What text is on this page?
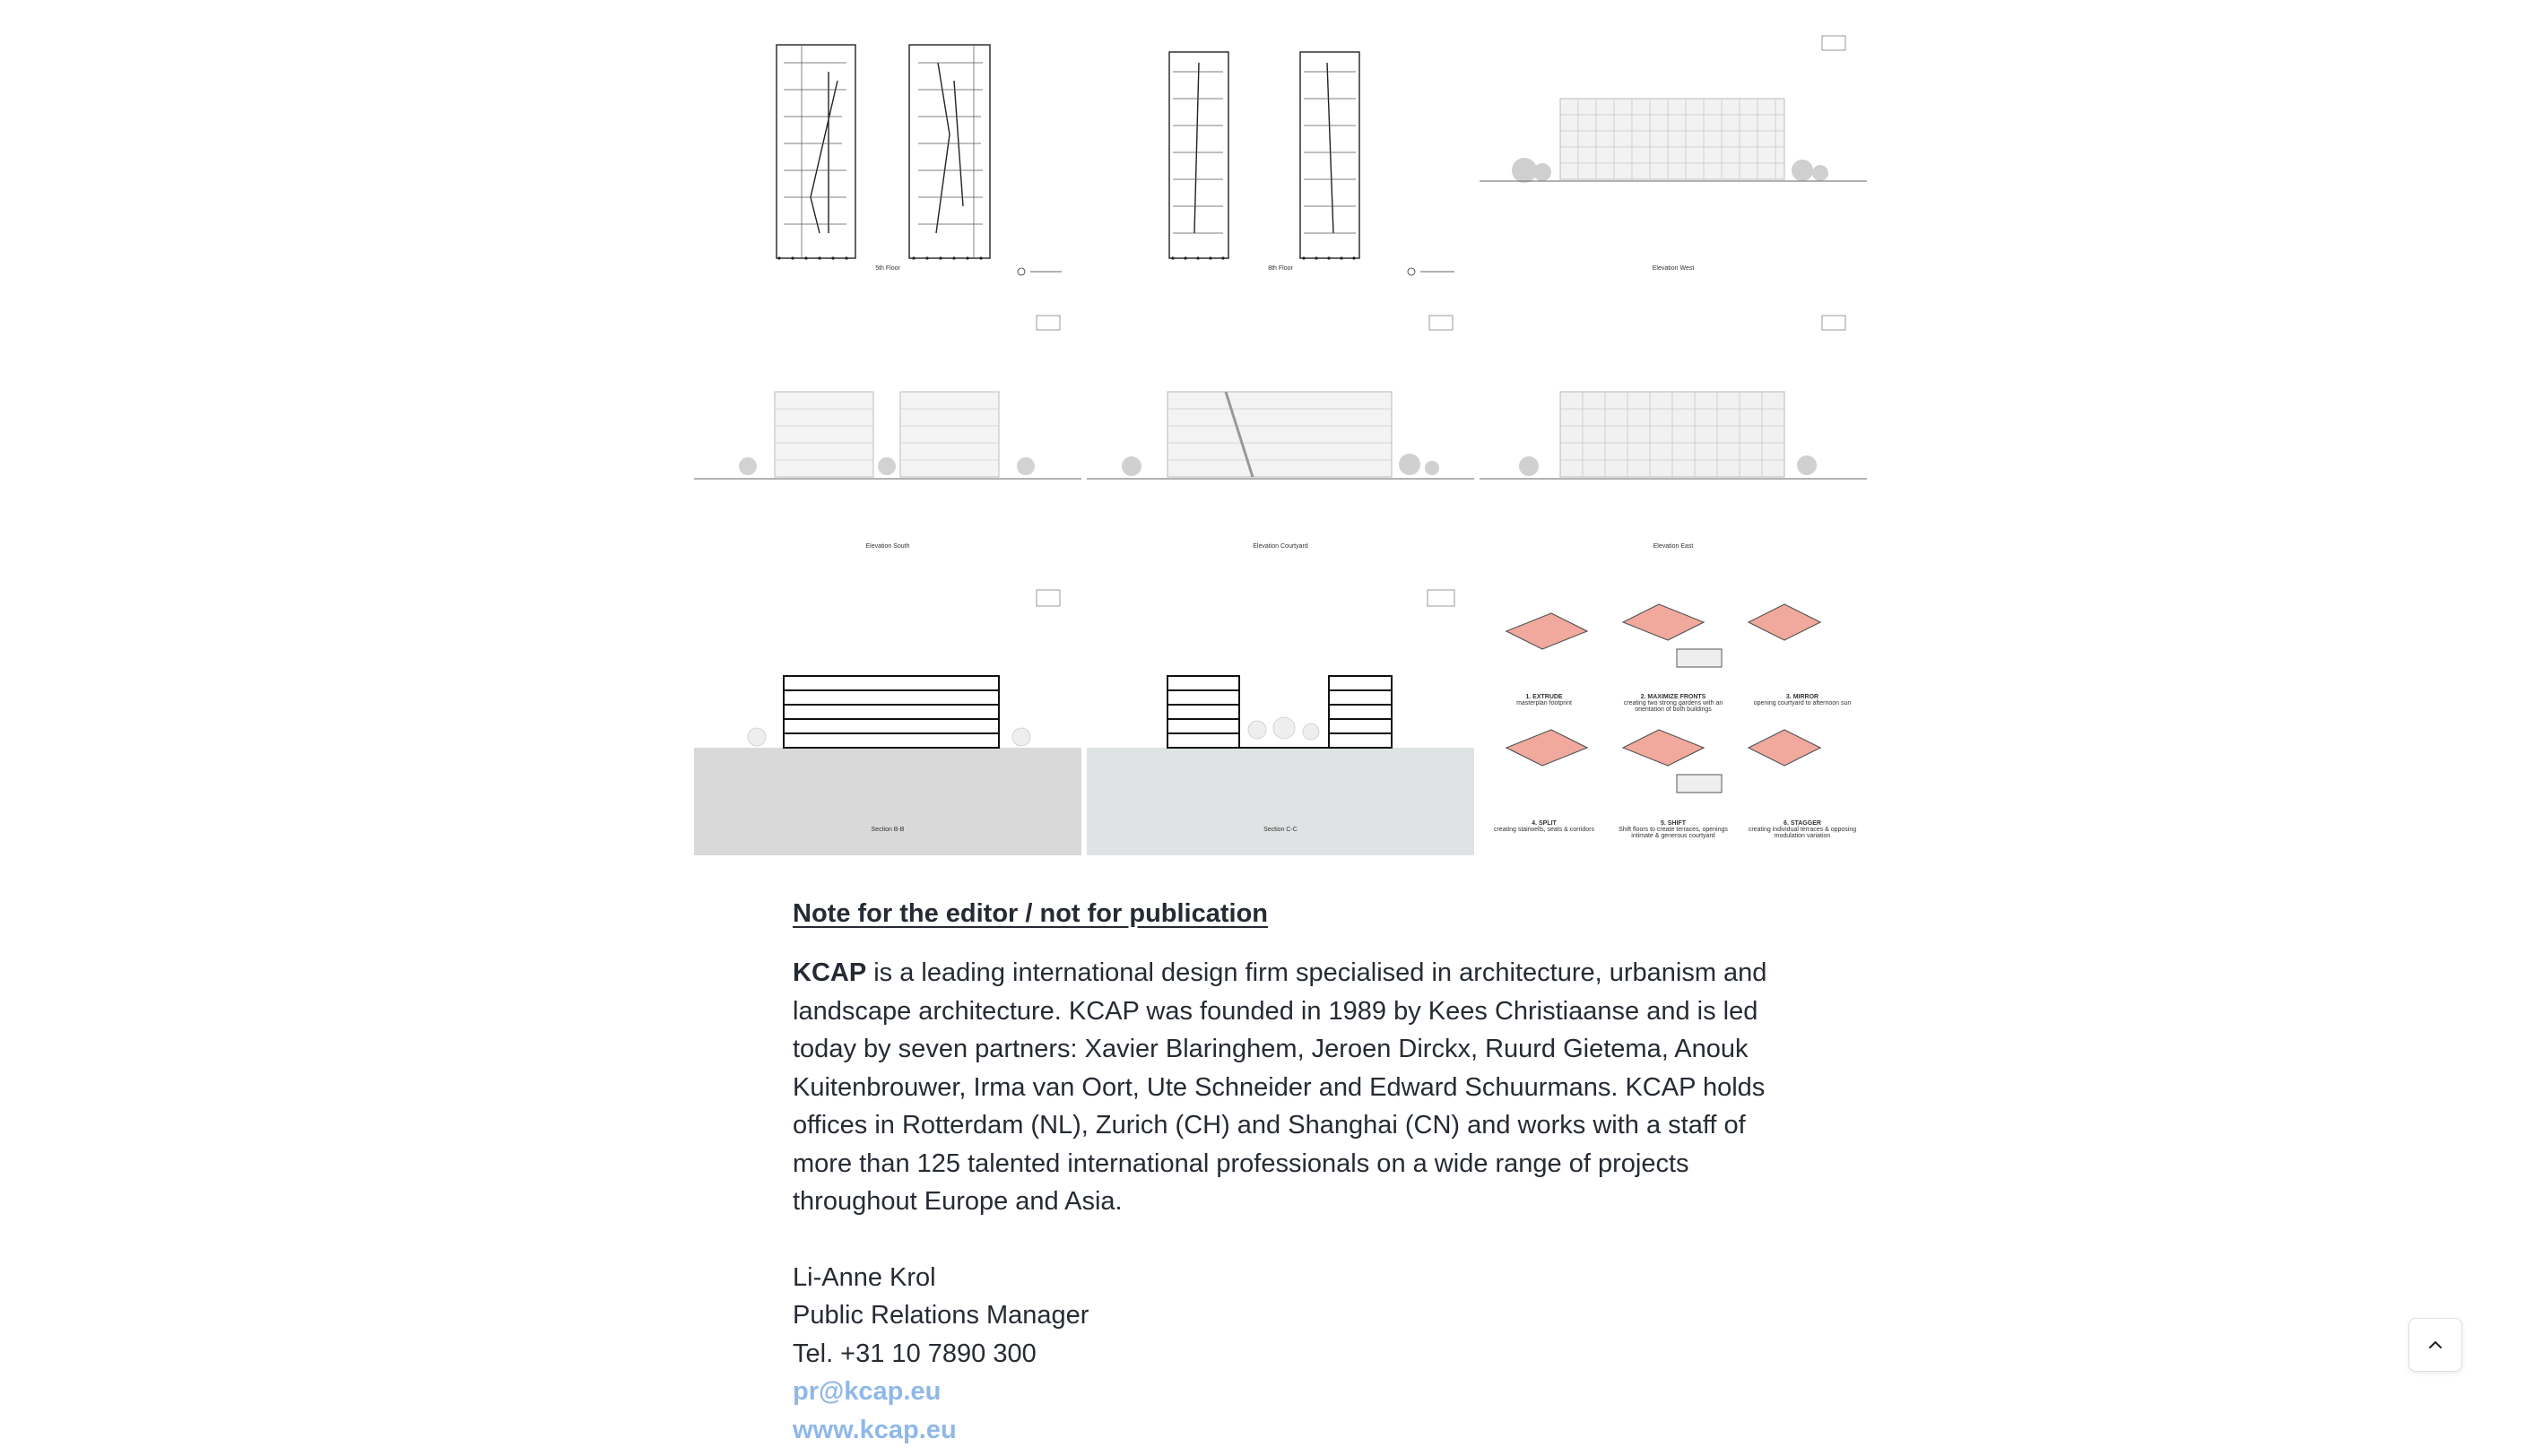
5th Floor	8th Floor	Elevation West
Elevation South	Elevation Courtyard	Elevation East
Section B-B	Section C-C
1. EXTRUDE
masterplan footprint
2. MAXIMIZE FRONTS
creating two strong gardens with an orientation of both buildings
3. MIRROR
opening courtyard to afternoon sun
4. SPLIT
creating stairwells, seats & corridors
5. SHIFT
Shift floors to create terraces, openings intimate & generous courtyard
6. STAGGER
creating individual terraces & opposing modulation variation
Note for the editor / not for publication

KCAP is a leading international design firm specialised in architecture, urbanism and landscape architecture. KCAP was founded in 1989 by Kees Christiaanse and is led today by seven partners: Xavier Blaringhem, Jeroen Dirckx, Ruurd Gietema, Anouk Kuitenbrouwer, Irma van Oort, Ute Schneider and Edward Schuurmans. KCAP holds offices in Rotterdam (NL), Zurich (CH) and Shanghai (CN) and works with a staff of more than 125 talented international professionals on a wide range of projects throughout Europe and Asia.

Li-Anne Krol
Public Relations Manager
Tel. +31 10 7890 300
pr@kcap.eu
www.kcap.eu
